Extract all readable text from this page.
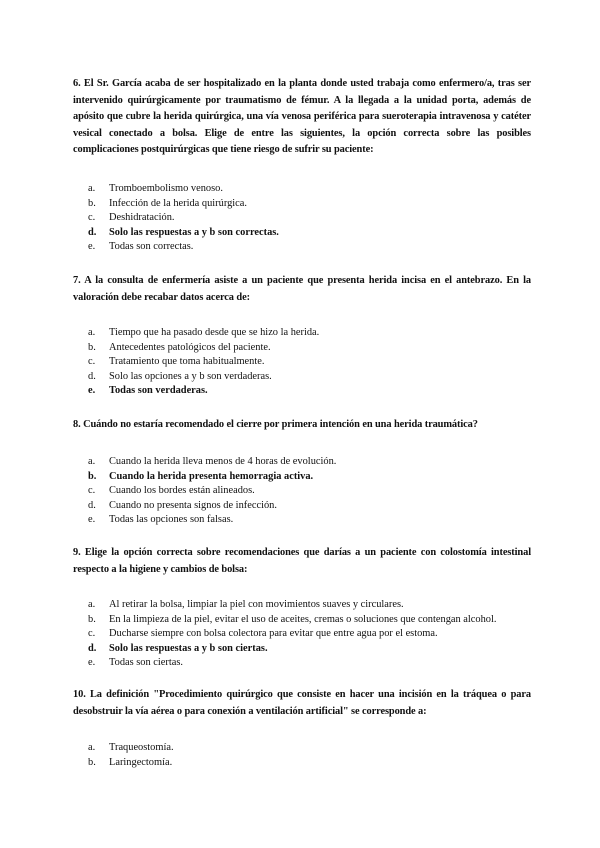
6. El Sr. García acaba de ser hospitalizado en la planta donde usted trabaja como enfermero/a, tras ser intervenido quirúrgicamente por traumatismo de fémur. A la llegada a la unidad porta, además de apósito que cubre la herida quirúrgica, una vía venosa periférica para sueroterapia intravenosa y catéter vesical conectado a bolsa. Elige de entre las siguientes, la opción correcta sobre las posibles complicaciones postquirúrgicas que tiene riesgo de sufrir su paciente:
a. Tromboembolismo venoso.
b. Infección de la herida quirúrgica.
c. Deshidratación.
d. Solo las respuestas a y b son correctas.
e. Todas son correctas.
7. A la consulta de enfermería asiste a un paciente que presenta herida incisa en el antebrazo. En la valoración debe recabar datos acerca de:
a. Tiempo que ha pasado desde que se hizo la herida.
b. Antecedentes patológicos del paciente.
c. Tratamiento que toma habitualmente.
d. Solo las opciones a y b son verdaderas.
e. Todas son verdaderas.
8. Cuándo no estaría recomendado el cierre por primera intención en una herida traumática?
a. Cuando la herida lleva menos de 4 horas de evolución.
b. Cuando la herida presenta hemorragia activa.
c. Cuando los bordes están alineados.
d. Cuando no presenta signos de infección.
e. Todas las opciones son falsas.
9. Elige la opción correcta sobre recomendaciones que darías a un paciente con colostomía intestinal respecto a la higiene y cambios de bolsa:
a. Al retirar la bolsa, limpiar la piel con movimientos suaves y circulares.
b. En la limpieza de la piel, evitar el uso de aceites, cremas o soluciones que contengan alcohol.
c. Ducharse siempre con bolsa colectora para evitar que entre agua por el estoma.
d. Solo las respuestas a y b son ciertas.
e. Todas son ciertas.
10. La definición "Procedimiento quirúrgico que consiste en hacer una incisión en la tráquea o para desobstruir la vía aérea o para conexión a ventilación artificial" se corresponde a:
a. Traqueostomía.
b. Laringectomía.
